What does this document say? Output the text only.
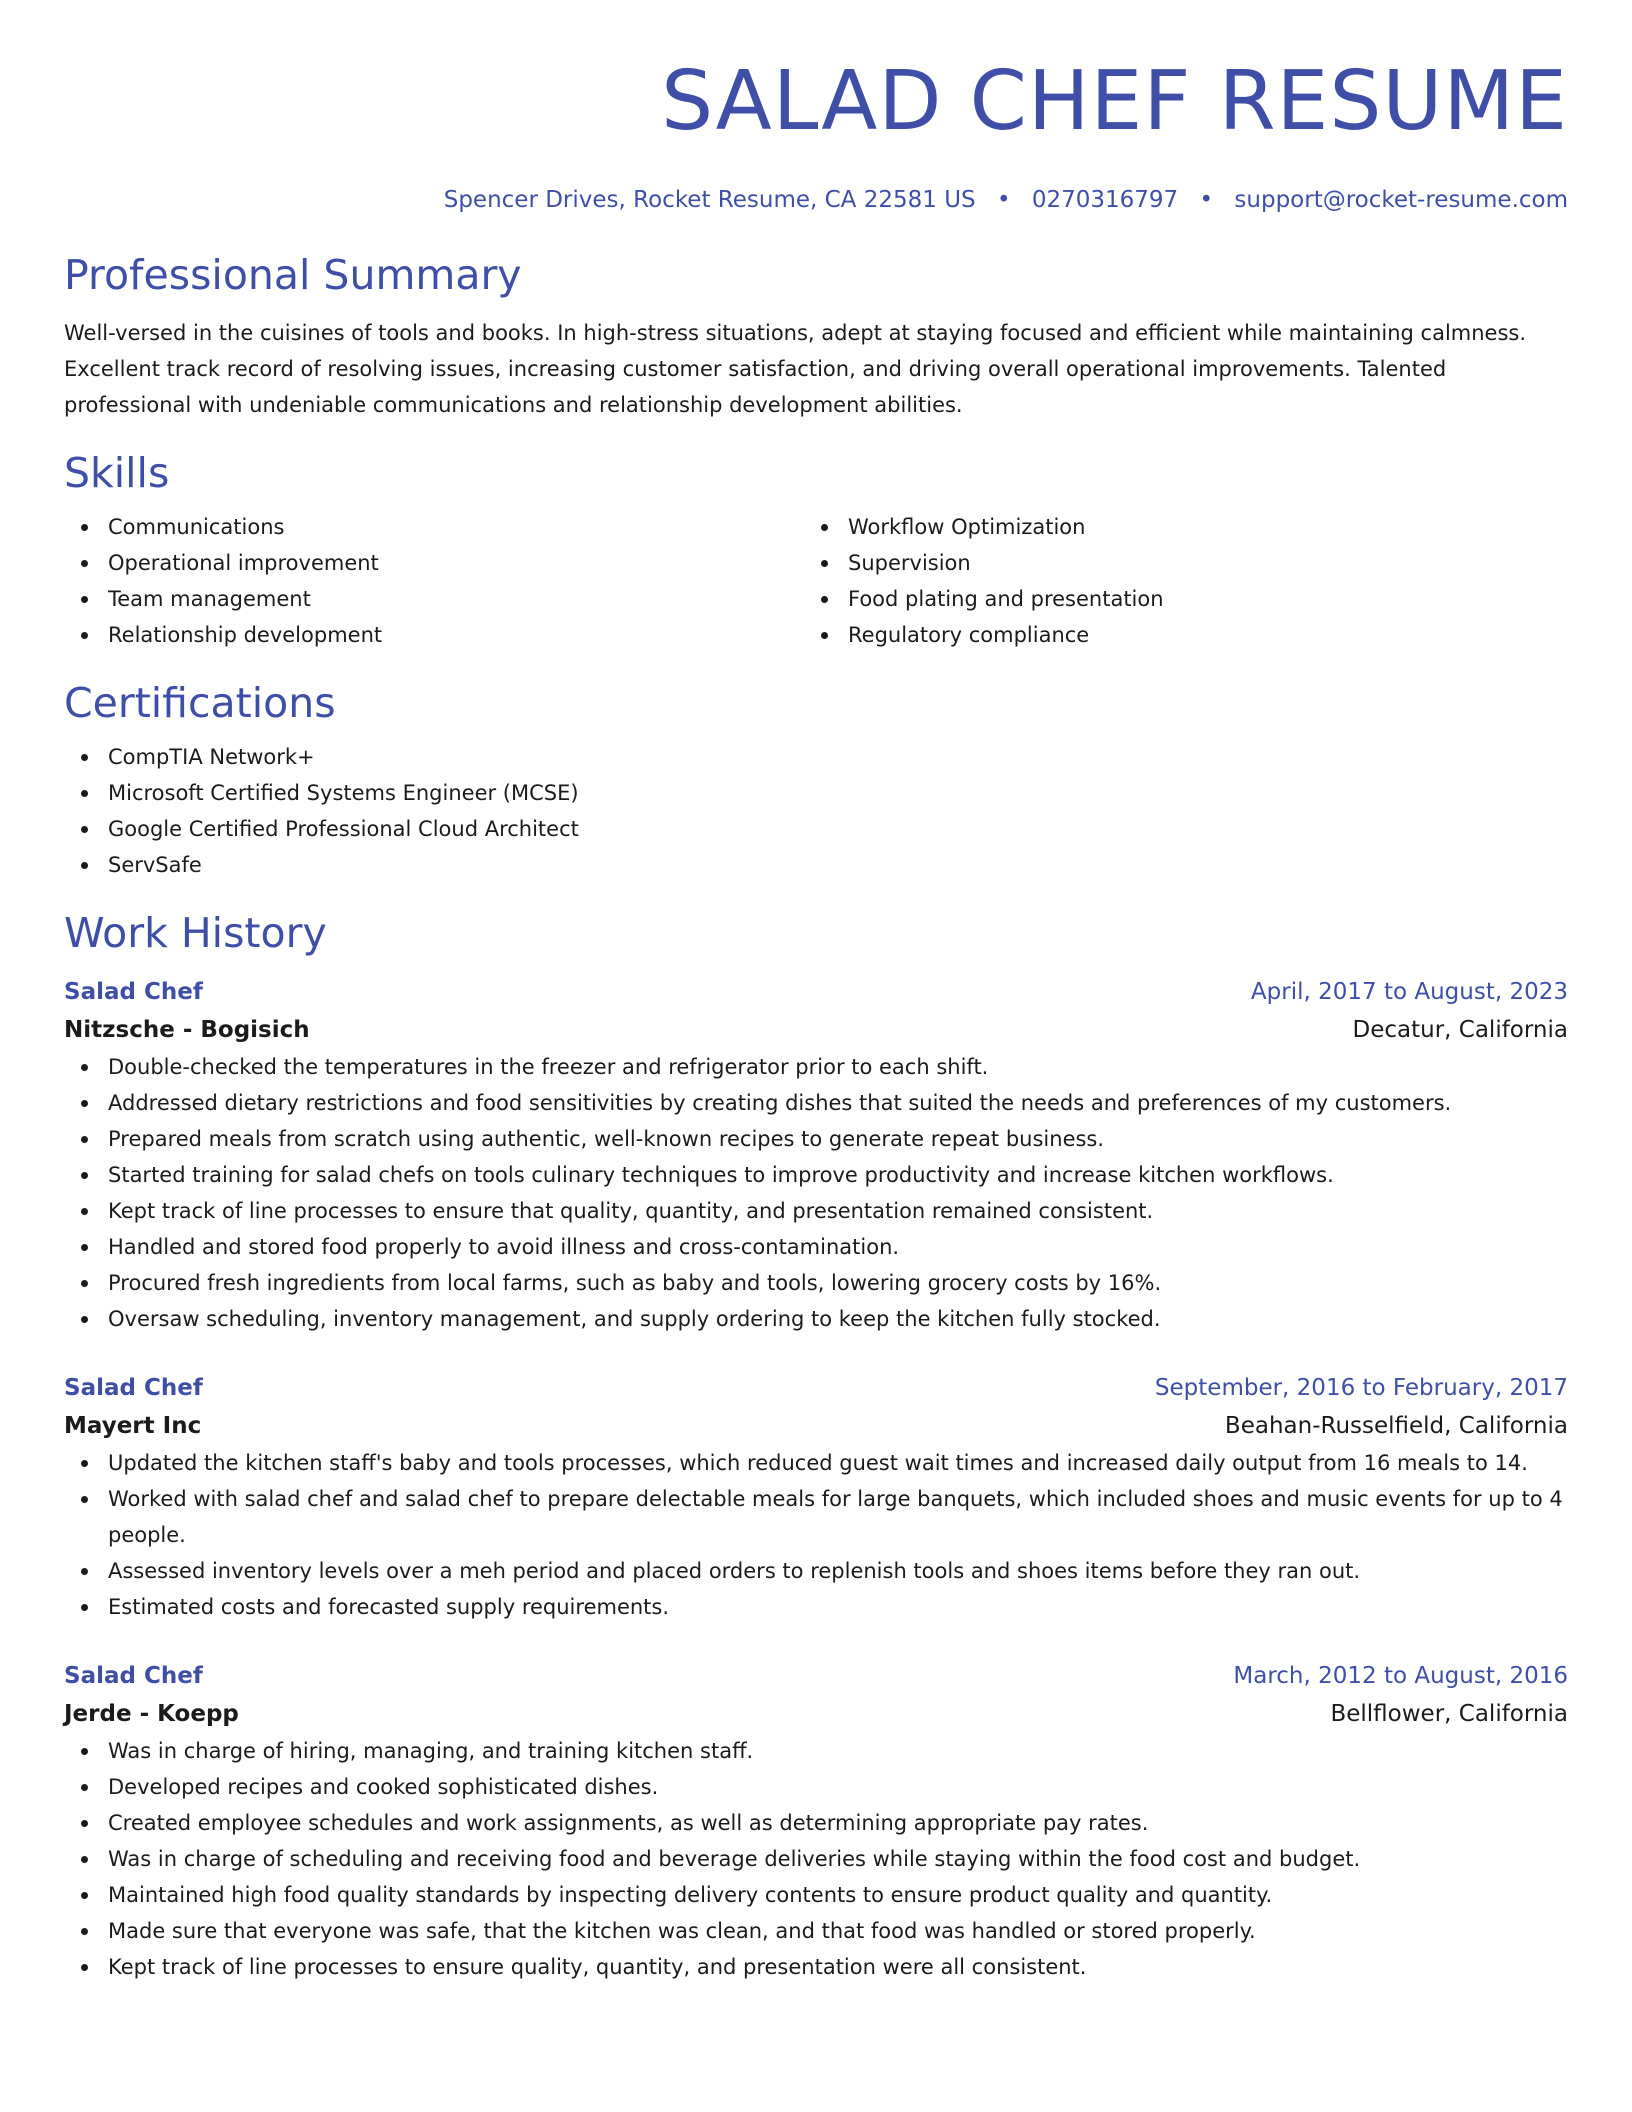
SALAD CHEF RESUME
Spencer Drives, Rocket Resume, CA 22581 US • 0270316797 • support@rocket-resume.com
Professional Summary

Well-versed in the cuisines of tools and books. In high-stress situations, adept at staying focused and efficient while maintaining calmness. Excellent track record of resolving issues, increasing customer satisfaction, and driving overall operational improvements. Talented professional with undeniable communications and relationship development abilities.

Skills
Communications
Operational improvement
Team management
Relationship development
Workflow Optimization
Supervision
Food plating and presentation
Regulatory compliance
Certifications
CompTIA Network+
Microsoft Certified Systems Engineer (MCSE)
Google Certified Professional Cloud Architect
ServSafe
Work History
Salad Chef	April, 2017 to August, 2023
Nitzsche - Bogisich	Decatur, California
Double-checked the temperatures in the freezer and refrigerator prior to each shift.
Addressed dietary restrictions and food sensitivities by creating dishes that suited the needs and preferences of my customers.
Prepared meals from scratch using authentic, well-known recipes to generate repeat business.
Started training for salad chefs on tools culinary techniques to improve productivity and increase kitchen workflows.
Kept track of line processes to ensure that quality, quantity, and presentation remained consistent.
Handled and stored food properly to avoid illness and cross-contamination.
Procured fresh ingredients from local farms, such as baby and tools, lowering grocery costs by 16%.
Oversaw scheduling, inventory management, and supply ordering to keep the kitchen fully stocked.
Salad Chef	September, 2016 to February, 2017
Mayert Inc	Beahan-Russelfield, California
Updated the kitchen staff's baby and tools processes, which reduced guest wait times and increased daily output from 16 meals to 14.
Worked with salad chef and salad chef to prepare delectable meals for large banquets, which included shoes and music events for up to 4 people.
Assessed inventory levels over a meh period and placed orders to replenish tools and shoes items before they ran out.
Estimated costs and forecasted supply requirements.
Salad Chef	March, 2012 to August, 2016
Jerde - Koepp	Bellflower, California
Was in charge of hiring, managing, and training kitchen staff.
Developed recipes and cooked sophisticated dishes.
Created employee schedules and work assignments, as well as determining appropriate pay rates.
Was in charge of scheduling and receiving food and beverage deliveries while staying within the food cost and budget.
Maintained high food quality standards by inspecting delivery contents to ensure product quality and quantity.
Made sure that everyone was safe, that the kitchen was clean, and that food was handled or stored properly.
Kept track of line processes to ensure quality, quantity, and presentation were all consistent.
